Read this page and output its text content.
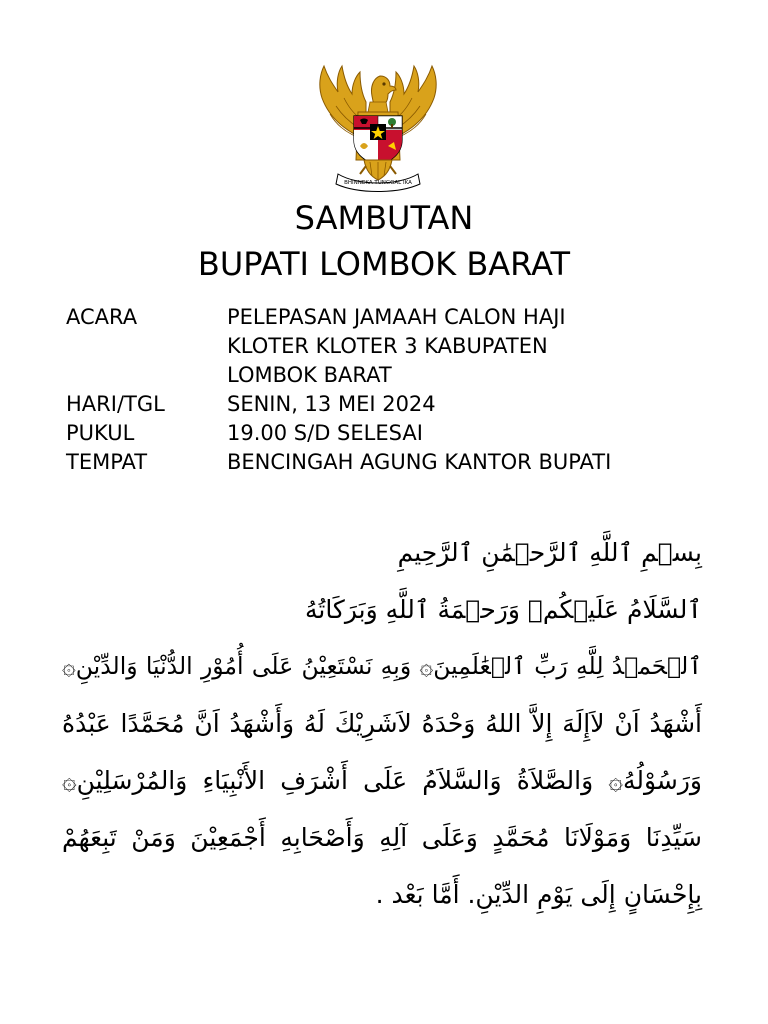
BHINNEKA TUNGGAL IKA
SAMBUTAN
BUPATI LOMBOK BARAT
ACARA	PELEPASAN JAMAAH CALON HAJI
KLOTER KLOTER 3 KABUPATEN
LOMBOK BARAT
HARI/TGL	SENIN, 13 MEI 2024
PUKUL	19.00 S/D SELESAI
TEMPAT	BENCINGAH AGUNG KANTOR BUPATI
بِسۡمِ ٱللَّهِ ٱلرَّحۡمَٰنِ ٱلرَّحِيمِ
ٱلسَّلَامُ عَلَيۡكُمۡ وَرَحۡمَةُ ٱللَّهِ وَبَرَكَاتُهُ
ٱلۡحَمۡدُ لِلَّهِ رَبِّ ٱلۡعَٰلَمِينَ۞ وَبِهِ نَسْتَعِيْنُ عَلَى أُمُوْرِ الدُّنْيَا وَالدِّيْنِ۞
أَشْهَدُ اَنْ لاَإِلَهَ إِلاَّ اللهُ وَحْدَهُ لاَشَرِيْكَ لَهُ وَأَشْهَدُ اَنَّ مُحَمَّدًا عَبْدُهُ
وَرَسُوْلُهُ۞ وَالصَّلاَةُ وَالسَّلاَمُ عَلَى أَشْرَفِ الأَنْبِيَاءِ وَالمُرْسَلِيْنِ۞
سَيِّدِنَا وَمَوْلَانَا مُحَمَّدٍ وَعَلَى آلِهِ وَأَصْحَابِهِ أَجْمَعِيْنَ وَمَنْ تَبِعَهُمْ
بِإِحْسَانٍ إِلَى يَوْمِ الدِّيْنِ. أَمَّا بَعْد .
